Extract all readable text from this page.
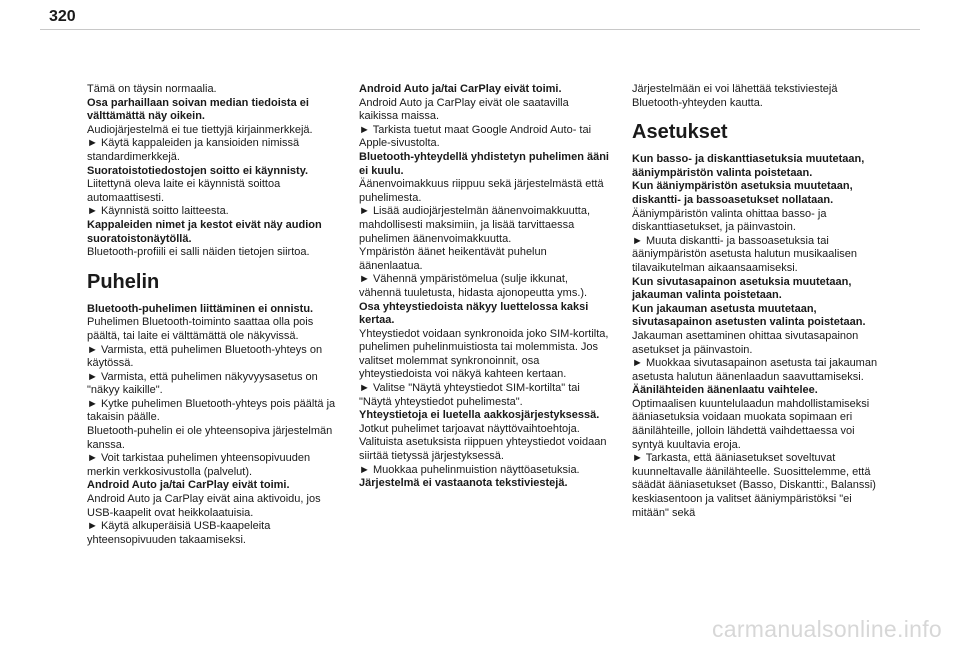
320

Tämä on täysin normaalia.

Osa parhaillaan soivan median tiedoista ei välttämättä näy oikein.

Audiojärjestelmä ei tue tiettyjä kirjainmerkkejä.

► Käytä kappaleiden ja kansioiden nimissä standardimerkkejä.

Suoratoistotiedostojen soitto ei käynnisty.

Liitettynä oleva laite ei käynnistä soittoa automaattisesti.

► Käynnistä soitto laitteesta.

Kappaleiden nimet ja kestot eivät näy audion suoratoistonäytöllä.

Bluetooth-profiili ei salli näiden tietojen siirtoa.

Puhelin

Bluetooth-puhelimen liittäminen ei onnistu.

Puhelimen Bluetooth-toiminto saattaa olla pois päältä, tai laite ei välttämättä ole näkyvissä.

► Varmista, että puhelimen Bluetooth-yhteys on käytössä.

► Varmista, että puhelimen näkyvyysasetus on "näkyy kaikille".

► Kytke puhelimen Bluetooth-yhteys pois päältä ja takaisin päälle.

Bluetooth-puhelin ei ole yhteensopiva järjestelmän kanssa.

► Voit tarkistaa puhelimen yhteensopivuuden merkin verkkosivustolla (palvelut).

Android Auto ja/tai CarPlay eivät toimi.

Android Auto ja CarPlay eivät aina aktivoidu, jos USB-kaapelit ovat heikkolaatuisia.

► Käytä alkuperäisiä USB-kaapeleita yhteensopivuuden takaamiseksi.

Android Auto ja/tai CarPlay eivät toimi.

Android Auto ja CarPlay eivät ole saatavilla kaikissa maissa.

► Tarkista tuetut maat Google Android Auto- tai Apple-sivustolta.

Bluetooth-yhteydellä yhdistetyn puhelimen ääni ei kuulu.

Äänenvoimakkuus riippuu sekä järjestelmästä että puhelimesta.

► Lisää audiojärjestelmän äänenvoimakkuutta, mahdollisesti maksimiin, ja lisää tarvittaessa puhelimen äänenvoimakkuutta.

Ympäristön äänet heikentävät puhelun äänenlaatua.

► Vähennä ympäristömelua (sulje ikkunat, vähennä tuuletusta, hidasta ajonopeutta yms.).

Osa yhteystiedoista näkyy luettelossa kaksi kertaa.

Yhteystiedot voidaan synkronoida joko SIM-kortilta, puhelimen puhelinmuistiosta tai molemmista. Jos valitset molemmat synkronoinnit, osa yhteystiedoista voi näkyä kahteen kertaan.

► Valitse "Näytä yhteystiedot SIM-kortilta" tai "Näytä yhteystiedot puhelimesta".

Yhteystietoja ei luetella aakkosjärjestyksessä.

Jotkut puhelimet tarjoavat näyttövaihtoehtoja. Valituista asetuksista riippuen yhteystiedot voidaan siirtää tietyssä järjestyksessä.

► Muokkaa puhelinmuistion näyttöasetuksia.

Järjestelmä ei vastaanota tekstiviestejä.

Järjestelmään ei voi lähettää tekstiviestejä Bluetooth-yhteyden kautta.

Asetukset

Kun basso- ja diskanttiasetuksia muutetaan, ääniympäristön valinta poistetaan.

Kun ääniympäristön asetuksia muutetaan, diskantti- ja bassoasetukset nollataan.

Ääniympäristön valinta ohittaa basso- ja diskanttiasetukset, ja päinvastoin.

► Muuta diskantti- ja bassoasetuksia tai ääniympäristön asetusta halutun musikaalisen tilavaikutelman aikaansaamiseksi.

Kun sivutasapainon asetuksia muutetaan, jakauman valinta poistetaan.

Kun jakauman asetusta muutetaan, sivutasapainon asetusten valinta poistetaan.

Jakauman asettaminen ohittaa sivutasapainon asetukset ja päinvastoin.

► Muokkaa sivutasapainon asetusta tai jakauman asetusta halutun äänenlaadun saavuttamiseksi.

Äänilähteiden äänenlaatu vaihtelee.

Optimaalisen kuuntelulaadun mahdollistamiseksi ääniasetuksia voidaan muokata sopimaan eri äänilähteille, jolloin lähdettä vaihdettaessa voi syntyä kuultavia eroja.

► Tarkasta, että ääniasetukset soveltuvat kuunneltavalle äänilähteelle. Suosittelemme, että säädät ääniasetukset (Basso, Diskantti:, Balanssi) keskiasentoon ja valitset ääniympäristöksi "ei mitään" sekä

carmanualsonline.info
